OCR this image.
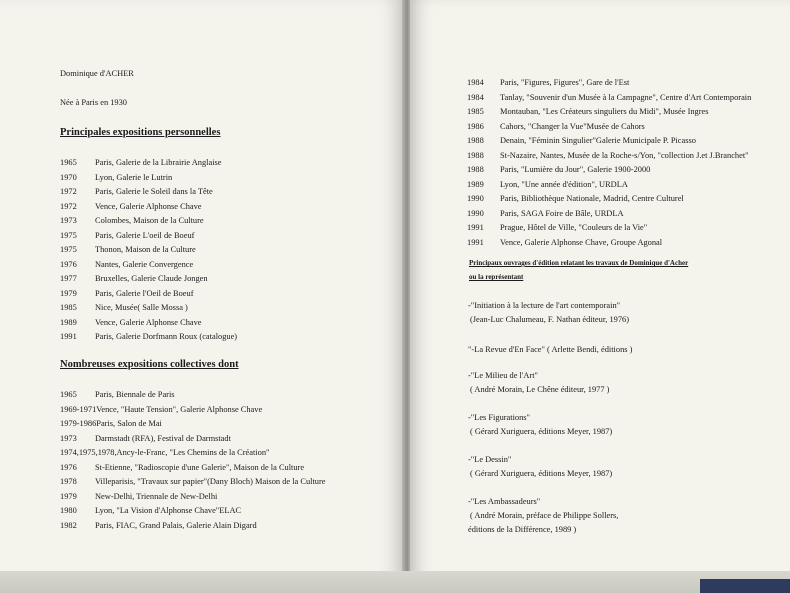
Dominique d'ACHER
Née à Paris en 1930
Principales expositions personnelles
1965 Paris, Galerie de la Librairie Anglaise
1970 Lyon, Galerie le Lutrin
1972 Paris, Galerie le Soleil dans la Tête
1972 Vence, Galerie Alphonse Chave
1973 Colombes, Maison de la Culture
1975 Paris, Galerie L'oeil de Boeuf
1975 Thonon, Maison de la Culture
1976 Nantes, Galerie Convergence
1977 Bruxelles, Galerie Claude Jongen
1979 Paris, Galerie l'Oeil de Boeuf
1985 Nice, Musée( Salle Mossa )
1989 Vence, Galerie Alphonse Chave
1991 Paris, Galerie Dorfmann Roux (catalogue)
Nombreuses expositions collectives dont
1965 Paris, Biennale de Paris
1969-1971Vence, "Haute Tension", Galerie Alphonse Chave
1979-1986Paris, Salon de Mai
1973 Darmstadt (RFA), Festival de Darmstadt
1974,1975,1978,Ancy-le-Franc, "Les Chemins de la Création"
1976 St-Etienne, "Radioscopie d'une Galerie", Maison de la Culture
1978 Villeparisis, "Travaux sur papier"(Dany Bloch) Maison de la Culture
1979 New-Delhi, Triennale de New-Delhi
1980 Lyon, "La Vision d'Alphonse Chave"ELAC
1982 Paris, FIAC, Grand Palais, Galerie Alain Digard
1984 Paris, "Figures, Figures", Gare de l'Est
1984 Tanlay, "Souvenir d'un Musée à la Campagne", Centre d'Art Contemporain
1985 Montauban, "Les Créateurs singuliers du Midi", Musée Ingres
1986 Cahors, "Changer la Vue"Musée de Cahors
1988 Denain, "Féminin Singulier"Galerie Municipale P. Picasso
1988 St-Nazaire, Nantes, Musée de la Roche-s/Yon, "collection J.et J.Branchet"
1988 Paris, "Lumière du Jour", Galerie 1900-2000
1989 Lyon, "Une année d'édition", URDLA
1990 Paris, Bibliothèque Nationale, Madrid, Centre Culturel
1990 Paris, SAGA Foire de Bâle, URDLA
1991 Prague, Hôtel de Ville, "Couleurs de la Vie"
1991 Vence, Galerie Alphonse Chave, Groupe Agonal
Principaux ouvrages d'édition relatant les travaux de Dominique d'Acher
ou la représentant
-"Initiation à la lecture de l'art contemporain"
(Jean-Luc Chalumeau, F. Nathan éditeur, 1976)
"-La Revue d'En Face" ( Arlette Bendi, éditions )
-"Le Milieu de l'Art"
( André Morain, Le Chêne éditeur, 1977 )
-"Les Figurations"
( Gérard Xuriguera, éditions Meyer, 1987)
-"Le Dessin"
( Gérard Xuriguera, éditions Meyer, 1987)
-"Les Ambassadeurs"
( André Morain, préface de Philippe Sollers,
éditions de la Différence, 1989 )
